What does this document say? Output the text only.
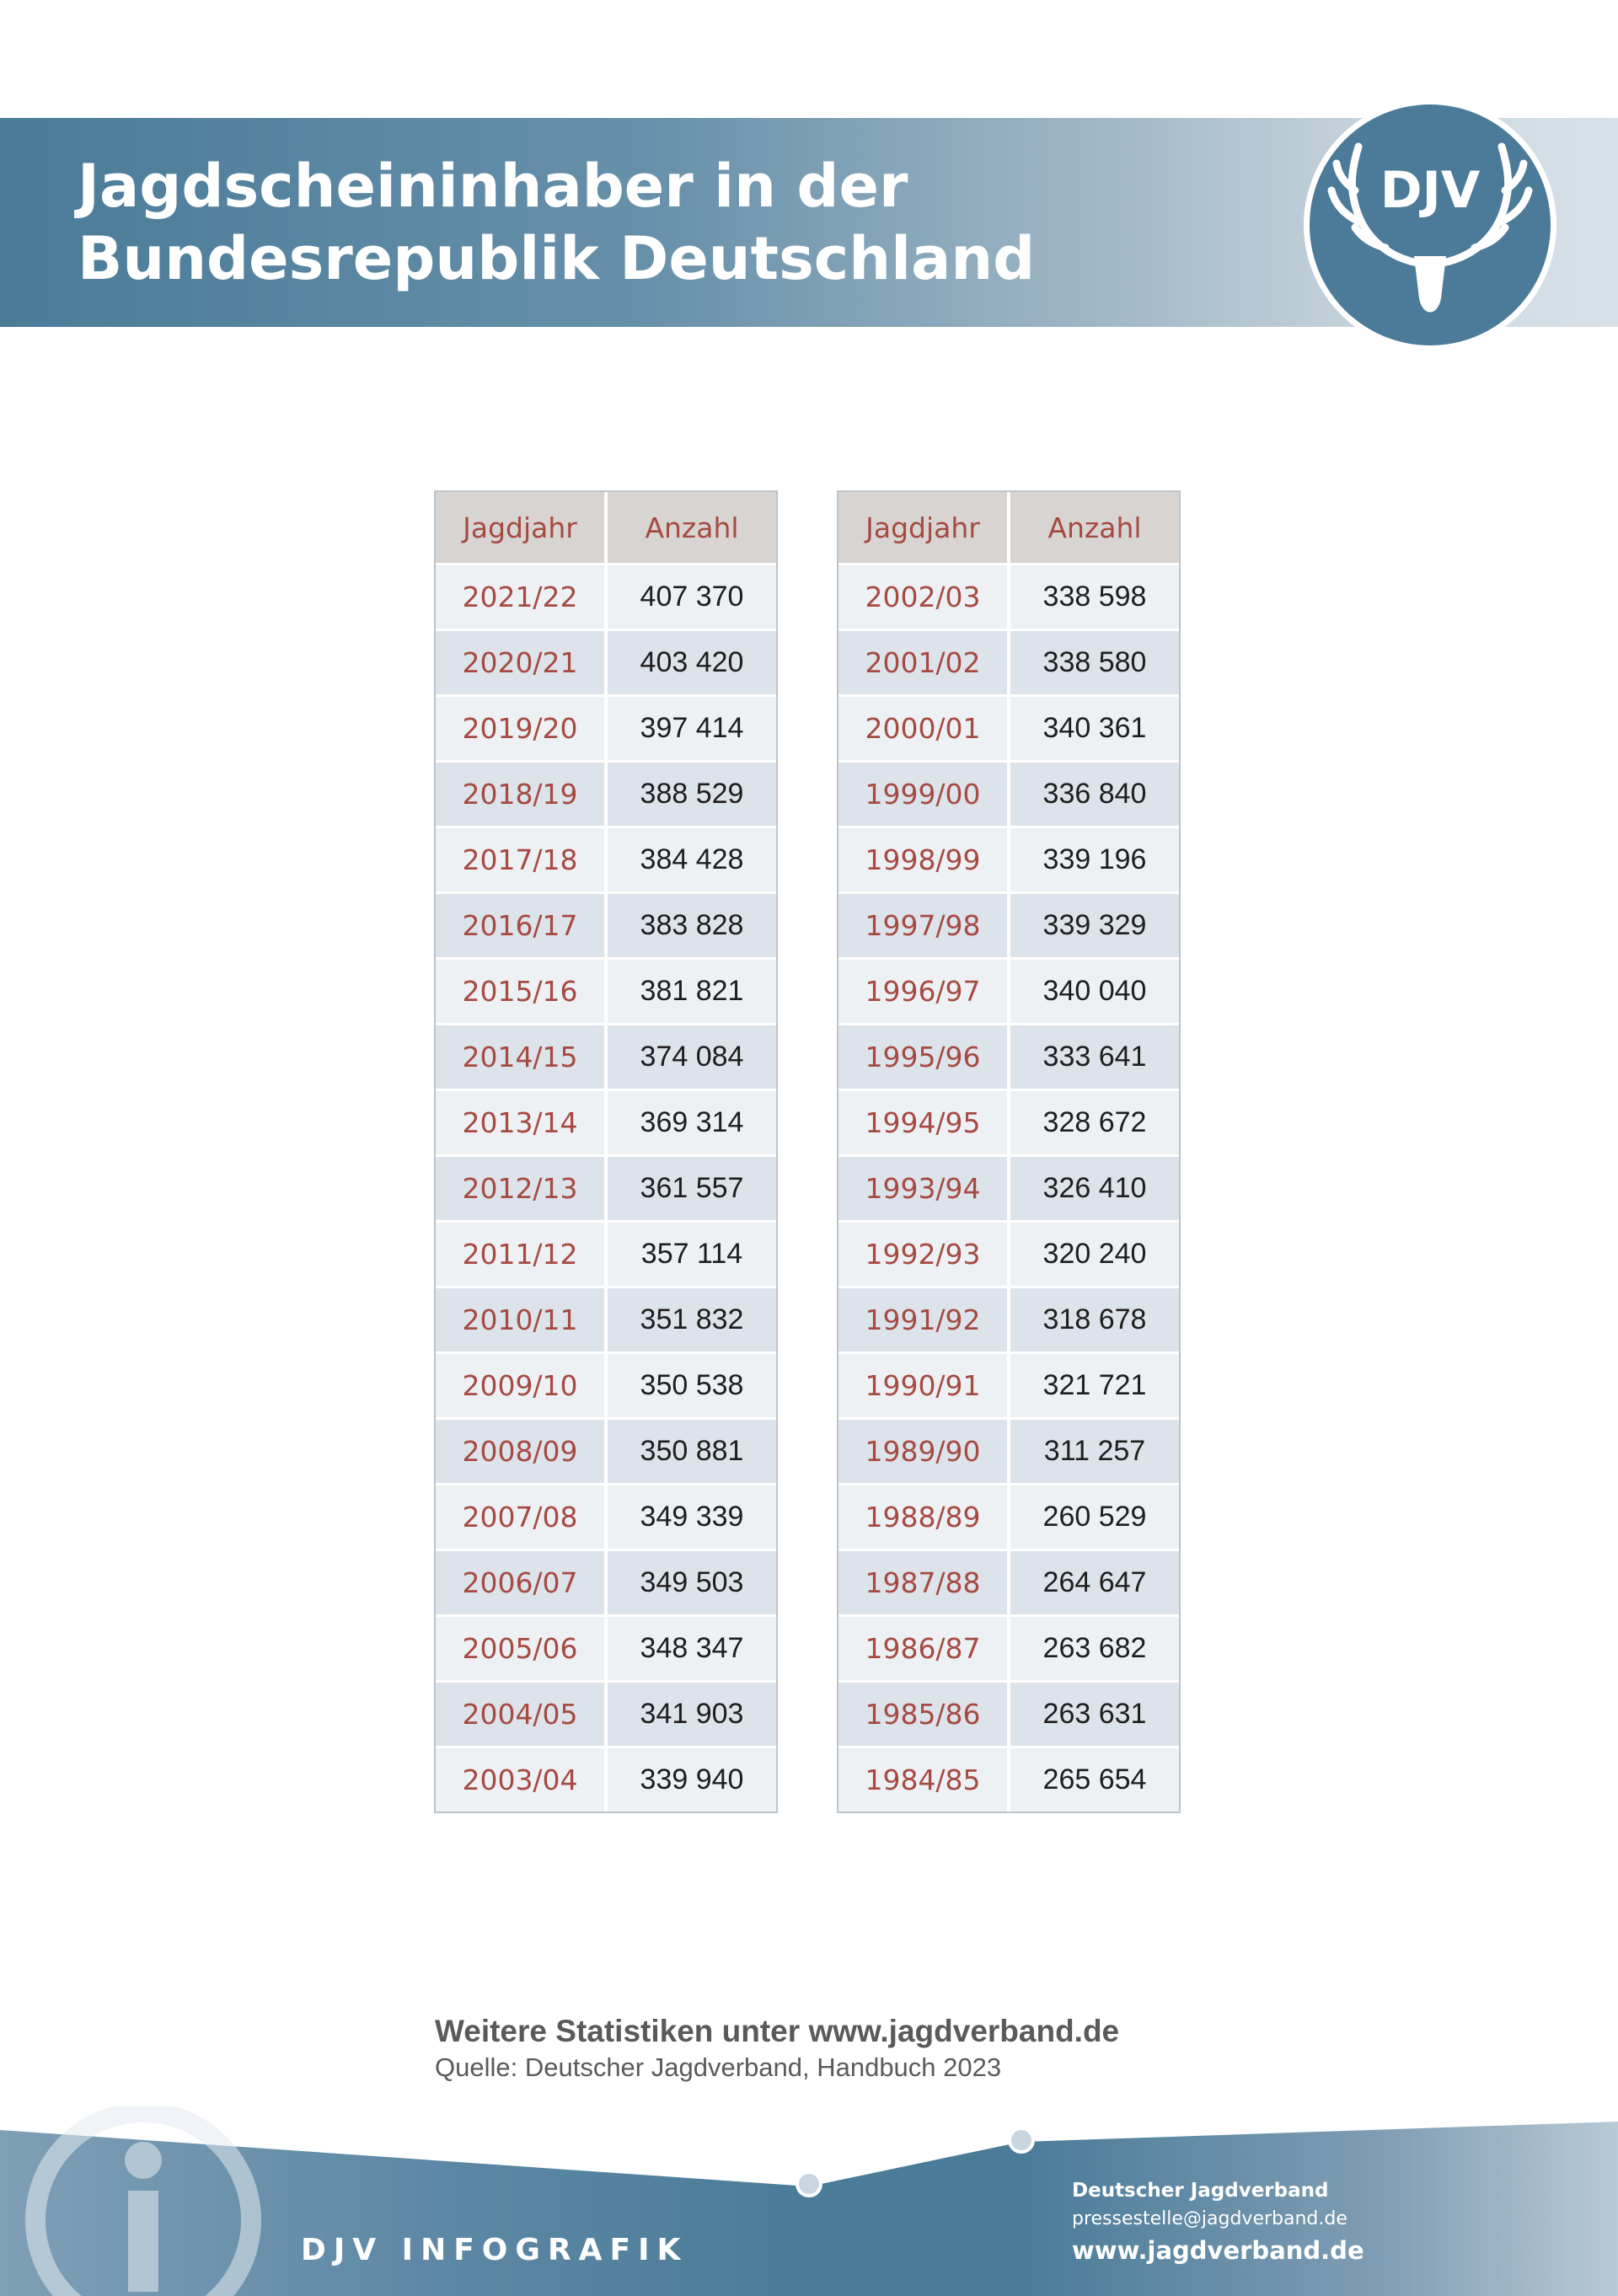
Jagdscheininhaber in der
Bundesrepublik Deutschland
DJV
Jagdjahr	Anzahl
2021/22	407 370
2020/21	403 420
2019/20	397 414
2018/19	388 529
2017/18	384 428
2016/17	383 828
2015/16	381 821
2014/15	374 084
2013/14	369 314
2012/13	361 557
2011/12	357 114
2010/11	351 832
2009/10	350 538
2008/09	350 881
2007/08	349 339
2006/07	349 503
2005/06	348 347
2004/05	341 903
2003/04	339 940
Jagdjahr	Anzahl
2002/03	338 598
2001/02	338 580
2000/01	340 361
1999/00	336 840
1998/99	339 196
1997/98	339 329
1996/97	340 040
1995/96	333 641
1994/95	328 672
1993/94	326 410
1992/93	320 240
1991/92	318 678
1990/91	321 721
1989/90	311 257
1988/89	260 529
1987/88	264 647
1986/87	263 682
1985/86	263 631
1984/85	265 654
Weitere Statistiken unter www.jagdverband.de
Quelle: Deutscher Jagdverband, Handbuch 2023
DJV INFOGRAFIK
Deutscher Jagdverband
pressestelle@jagdverband.de
www.jagdverband.de
